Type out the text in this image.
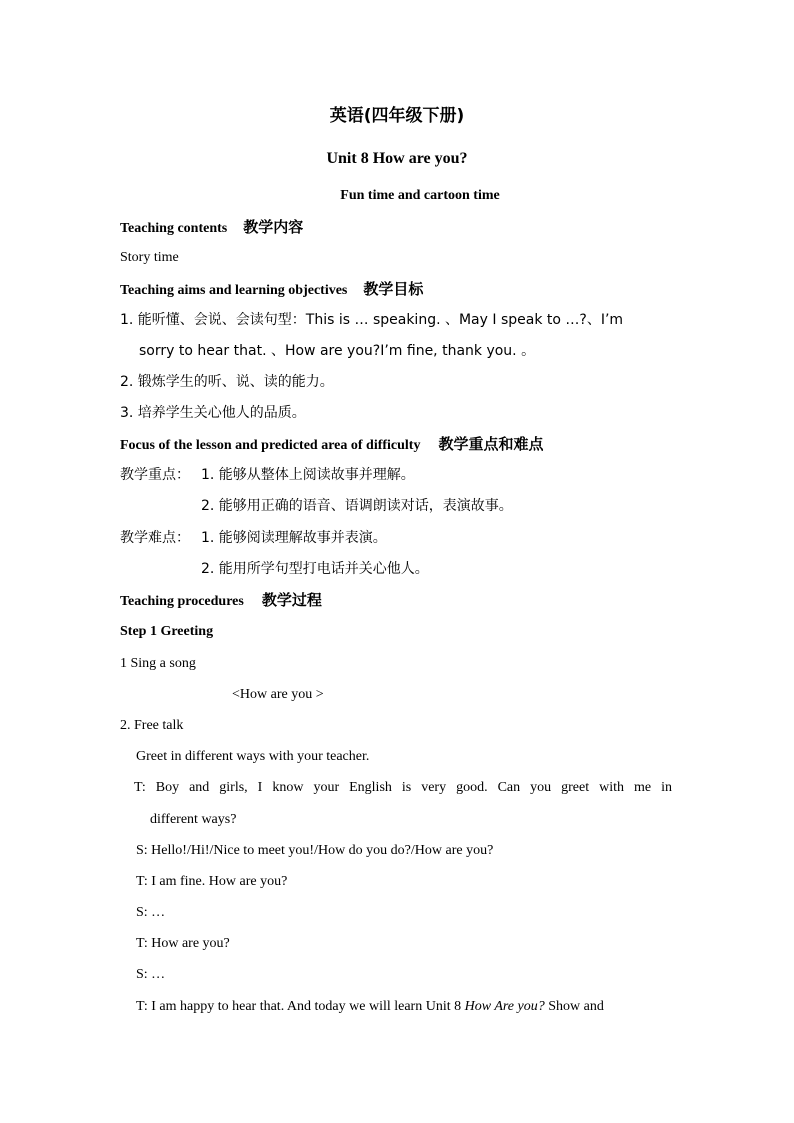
英语(四年级下册)
Unit 8 How are you?
Fun time and cartoon time
Teaching contents 教学内容
Story time
Teaching aims and learning objectives 教学目标
1. 能听懂、会说、会读句型：This is … speaking. 、May I speak to …?、I’m
sorry to hear that. 、How are you?I’m fine, thank you. 。
2. 锻炼学生的听、说、读的能力。
3. 培养学生关心他人的品质。
Focus of the lesson and predicted area of difficulty 教学重点和难点
教学重点： 1. 能够从整体上阅读故事并理解。
2. 能够用正确的语音、语调朗读对话，表演故事。
教学难点： 1. 能够阅读理解故事并表演。
2. 能用所学句型打电话并关心他人。
Teaching procedures 教学过程
Step 1 Greeting
1 Sing a song
<How are you >
2. Free talk
Greet in different ways with your teacher.
T: Boy and girls, I know your English is very good. Can you greet with me in
different ways?
S: Hello!/Hi!/Nice to meet you!/How do you do?/How are you?
T: I am fine. How are you?
S: …
T: How are you?
S: …
T: I am happy to hear that. And today we will learn Unit 8 How Are you? Show and
